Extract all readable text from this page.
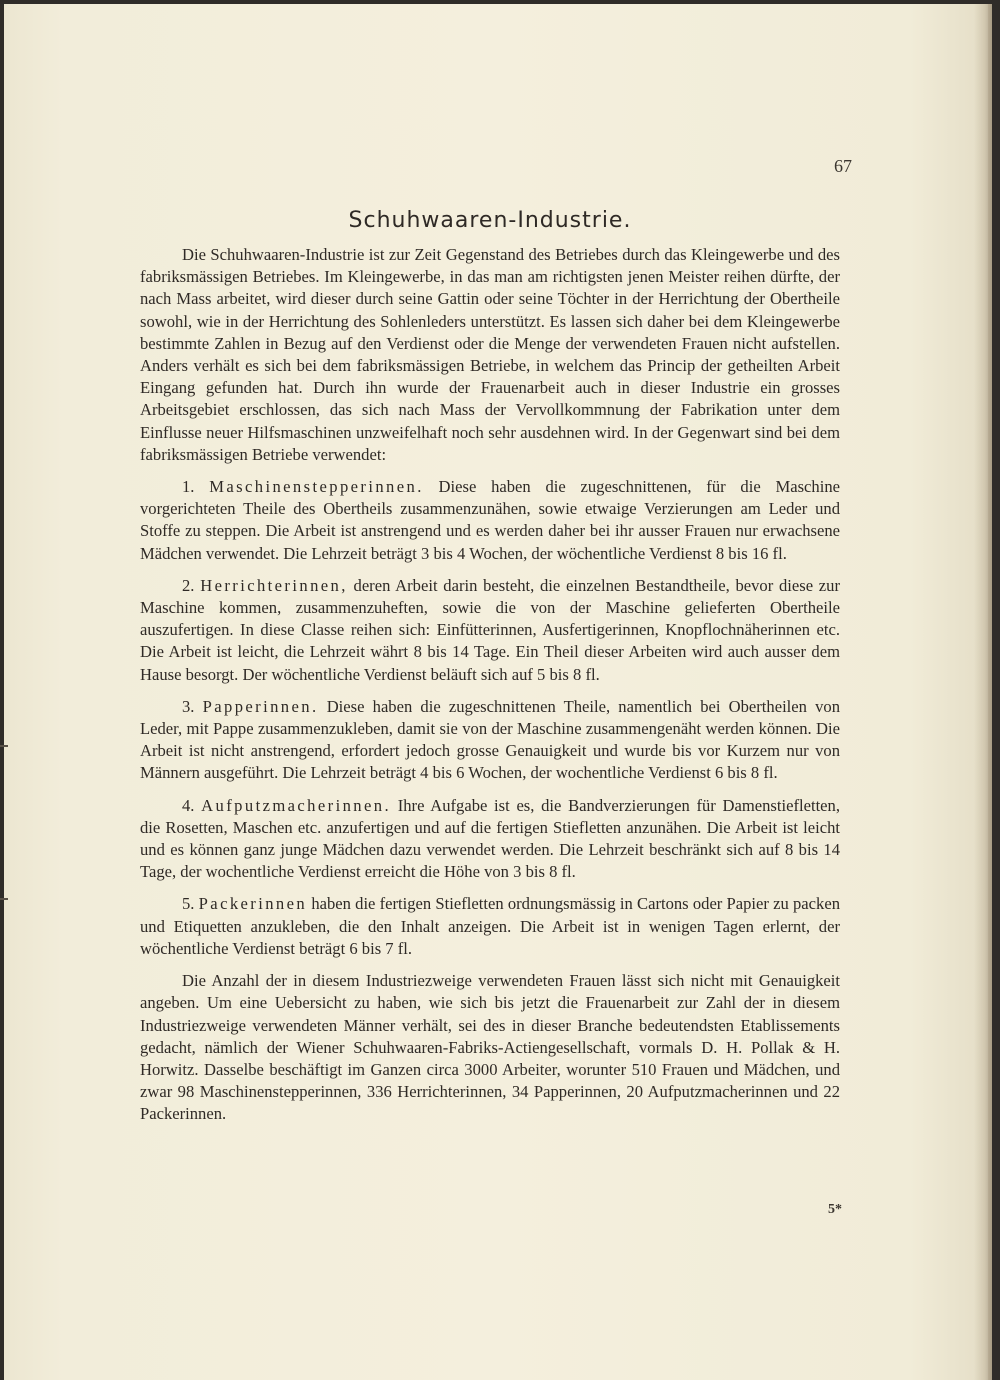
67
Schuhwaaren-Industrie.

Die Schuhwaaren-Industrie ist zur Zeit Gegenstand des Betriebes durch das Kleingewerbe und des fabriksmässigen Betriebes. Im Kleingewerbe, in das man am richtigsten jenen Meister reihen dürfte, der nach Mass arbeitet, wird dieser durch seine Gattin oder seine Töchter in der Herrichtung der Obertheile sowohl, wie in der Herrichtung des Sohlenleders unterstützt. Es lassen sich daher bei dem Kleingewerbe bestimmte Zahlen in Bezug auf den Verdienst oder die Menge der verwendeten Frauen nicht aufstellen. Anders verhält es sich bei dem fabriksmässigen Betriebe, in welchem das Princip der getheilten Arbeit Eingang gefunden hat. Durch ihn wurde der Frauenarbeit auch in dieser Industrie ein grosses Arbeitsgebiet erschlossen, das sich nach Mass der Vervollkommnung der Fabrikation unter dem Einflusse neuer Hilfsmaschinen unzweifelhaft noch sehr ausdehnen wird. In der Gegenwart sind bei dem fabriksmässigen Betriebe verwendet:

1. Maschinenstepperinnen. Diese haben die zugeschnittenen, für die Maschine vorgerichteten Theile des Obertheils zusammenzunähen, sowie etwaige Verzierungen am Leder und Stoffe zu steppen. Die Arbeit ist anstrengend und es werden daher bei ihr ausser Frauen nur erwachsene Mädchen verwendet. Die Lehrzeit beträgt 3 bis 4 Wochen, der wöchentliche Verdienst 8 bis 16 fl.

2. Herrichterinnen, deren Arbeit darin besteht, die einzelnen Bestandtheile, bevor diese zur Maschine kommen, zusammenzuheften, sowie die von der Maschine gelieferten Obertheile auszufertigen. In diese Classe reihen sich: Einfütterinnen, Ausfertigerinnen, Knopflochnäherinnen etc. Die Arbeit ist leicht, die Lehrzeit währt 8 bis 14 Tage. Ein Theil dieser Arbeiten wird auch ausser dem Hause besorgt. Der wöchentliche Verdienst beläuft sich auf 5 bis 8 fl.

3. Papperinnen. Diese haben die zugeschnittenen Theile, namentlich bei Obertheilen von Leder, mit Pappe zusammenzukleben, damit sie von der Maschine zusammengenäht werden können. Die Arbeit ist nicht anstrengend, erfordert jedoch grosse Genauigkeit und wurde bis vor Kurzem nur von Männern ausgeführt. Die Lehrzeit beträgt 4 bis 6 Wochen, der wochentliche Verdienst 6 bis 8 fl.

4. Aufputzmacherinnen. Ihre Aufgabe ist es, die Bandverzierungen für Damenstiefletten, die Rosetten, Maschen etc. anzufertigen und auf die fertigen Stiefletten anzunähen. Die Arbeit ist leicht und es können ganz junge Mädchen dazu verwendet werden. Die Lehrzeit beschränkt sich auf 8 bis 14 Tage, der wochentliche Verdienst erreicht die Höhe von 3 bis 8 fl.

5. Packerinnen haben die fertigen Stiefletten ordnungsmässig in Cartons oder Papier zu packen und Etiquetten anzukleben, die den Inhalt anzeigen. Die Arbeit ist in wenigen Tagen erlernt, der wöchentliche Verdienst beträgt 6 bis 7 fl.

Die Anzahl der in diesem Industriezweige verwendeten Frauen lässt sich nicht mit Genauigkeit angeben. Um eine Uebersicht zu haben, wie sich bis jetzt die Frauenarbeit zur Zahl der in diesem Industriezweige verwendeten Männer verhält, sei des in dieser Branche bedeutendsten Etablissements gedacht, nämlich der Wiener Schuhwaaren-Fabriks-Actiengesellschaft, vormals D. H. Pollak & H. Horwitz. Dasselbe beschäftigt im Ganzen circa 3000 Arbeiter, worunter 510 Frauen und Mädchen, und zwar 98 Maschinenstepperinnen, 336 Herrichterinnen, 34 Papperinnen, 20 Aufputzmacherinnen und 22 Packerinnen.

5*
